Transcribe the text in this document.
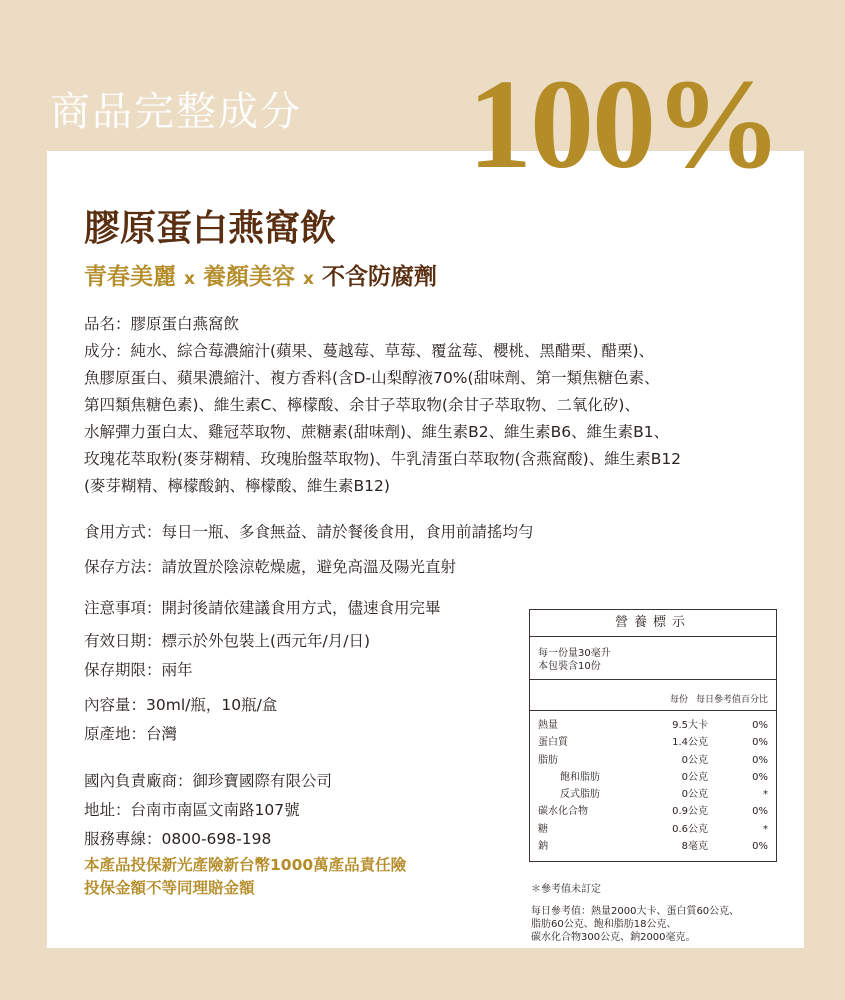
商品完整成分 100%
膠原蛋白燕窩飲
青春美麗 x 養顏美容 x 不含防腐劑
品名：膠原蛋白燕窩飲
成分：純水、綜合莓濃縮汁(蘋果、蔓越莓、草莓、覆盆莓、櫻桃、黑醋栗、醋栗)、
魚膠原蛋白、蘋果濃縮汁、複方香料(含D-山梨醇液70%(甜味劑、第一類焦糖色素、
第四類焦糖色素)、維生素C、檸檬酸、余甘子萃取物(余甘子萃取物、二氧化矽)、
水解彈力蛋白太、雞冠萃取物、蔗糖素(甜味劑)、維生素B2、維生素B6、維生素B1、
玫瑰花萃取粉(麥芽糊精、玫瑰胎盤萃取物)、牛乳清蛋白萃取物(含燕窩酸)、維生素B12
(麥芽糊精、檸檬酸鈉、檸檬酸、維生素B12)
食用方式：每日一瓶、多食無益、請於餐後食用，食用前請搖均勻
保存方法：請放置於陰涼乾燥處，避免高溫及陽光直射
注意事項：開封後請依建議食用方式，儘速食用完畢
有效日期：標示於外包裝上(西元年/月/日)
保存期限：兩年
內容量：30ml/瓶，10瓶/盒
原產地：台灣
國內負責廠商：御珍寶國際有限公司
地址：台南市南區文南路107號
服務專線：0800-698-198
本產品投保新光產險新台幣1000萬產品責任險
投保金額不等同理賠金額
營養標示
每一份量30毫升
本包裝含10份
每份 每日參考值百分比
熱量	9.5大卡	0%
蛋白質	1.4公克	0%
脂肪	0公克	0%
飽和脂肪	0公克	0%
反式脂肪	0公克	*
碳水化合物	0.9公克	0%
糖	0.6公克	*
鈉	8毫克	0%
＊參考值未訂定
每日參考值：熱量2000大卡、蛋白質60公克、
脂肪60公克、飽和脂肪18公克、
碳水化合物300公克、鈉2000毫克。
